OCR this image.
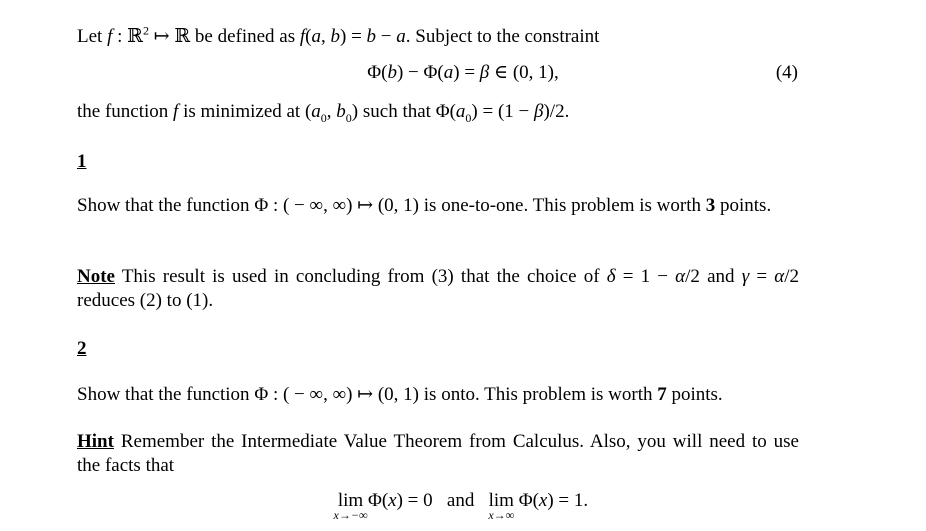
Let f : ℝ$^2$ ↦ ℝ be defined as f(a, b) = b − a. Subject to the constraint
Φ(b) − Φ(a) = β ∈ (0, 1),	(4)
the function f is minimized at ($a_0$, $b_0$) such that $\Phi(a_0) = (1 - \beta)/2$.
1
Show that the function Φ : ( − ∞, ∞) ↦ (0, 1) is one-to-one. This problem is worth 3 points.
Note This result is used in concluding from (3) that the choice of δ = 1 − α/2 and γ = α/2 reduces (2) to (1).
2
Show that the function Φ : ( − ∞, ∞) ↦ (0, 1) is onto. This problem is worth 7 points.
Hint Remember the Intermediate Value Theorem from Calculus. Also, you will need to use the facts that
lim
x→−∞
Φ(x) = 0   and lim
x→∞
Φ(x) = 1.
